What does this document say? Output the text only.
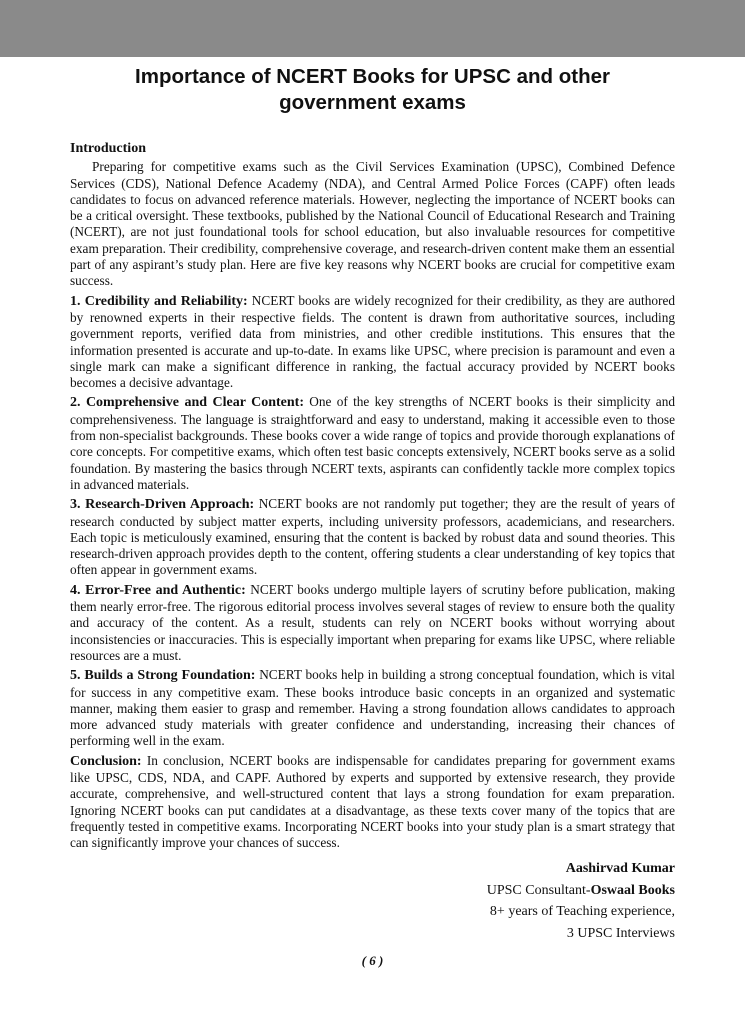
Importance of NCERT Books for UPSC and other
government exams
Introduction

Preparing for competitive exams such as the Civil Services Examination (UPSC), Combined Defence Services (CDS), National Defence Academy (NDA), and Central Armed Police Forces (CAPF) often leads candidates to focus on advanced reference materials. However, neglecting the importance of NCERT books can be a critical oversight. These textbooks, published by the National Council of Educational Research and Training (NCERT), are not just foundational tools for school education, but also invaluable resources for competitive exam preparation. Their credibility, comprehensive coverage, and research-driven content make them an essential part of any aspirant’s study plan. Here are five key reasons why NCERT books are crucial for competitive exam success.

1. Credibility and Reliability: NCERT books are widely recognized for their credibility, as they are authored by renowned experts in their respective fields. The content is drawn from authoritative sources, including government reports, verified data from ministries, and other credible institutions. This ensures that the information presented is accurate and up-to-date. In exams like UPSC, where precision is paramount and even a single mark can make a significant difference in ranking, the factual accuracy provided by NCERT books becomes a decisive advantage.

2. Comprehensive and Clear Content: One of the key strengths of NCERT books is their simplicity and comprehensiveness. The language is straightforward and easy to understand, making it accessible even to those from non-specialist backgrounds. These books cover a wide range of topics and provide thorough explanations of core concepts. For competitive exams, which often test basic concepts extensively, NCERT books serve as a solid foundation. By mastering the basics through NCERT texts, aspirants can confidently tackle more complex topics in advanced materials.

3. Research-Driven Approach: NCERT books are not randomly put together; they are the result of years of research conducted by subject matter experts, including university professors, academicians, and researchers. Each topic is meticulously examined, ensuring that the content is backed by robust data and sound theories. This research-driven approach provides depth to the content, offering students a clear understanding of key topics that often appear in government exams.

4. Error-Free and Authentic: NCERT books undergo multiple layers of scrutiny before publication, making them nearly error-free. The rigorous editorial process involves several stages of review to ensure both the quality and accuracy of the content. As a result, students can rely on NCERT books without worrying about inconsistencies or inaccuracies. This is especially important when preparing for exams like UPSC, where reliable resources are a must.

5. Builds a Strong Foundation: NCERT books help in building a strong conceptual foundation, which is vital for success in any competitive exam. These books introduce basic concepts in an organized and systematic manner, making them easier to grasp and remember. Having a strong foundation allows candidates to approach more advanced study materials with greater confidence and understanding, increasing their chances of performing well in the exam.

Conclusion: In conclusion, NCERT books are indispensable for candidates preparing for government exams like UPSC, CDS, NDA, and CAPF. Authored by experts and supported by extensive research, they provide accurate, comprehensive, and well-structured content that lays a strong foundation for exam preparation. Ignoring NCERT books can put candidates at a disadvantage, as these texts cover many of the topics that are frequently tested in competitive exams. Incorporating NCERT books into your study plan is a smart strategy that can significantly improve your chances of success.

Aashirvad Kumar
UPSC Consultant-Oswaal Books
8+ years of Teaching experience,
3 UPSC Interviews
( 6 )
